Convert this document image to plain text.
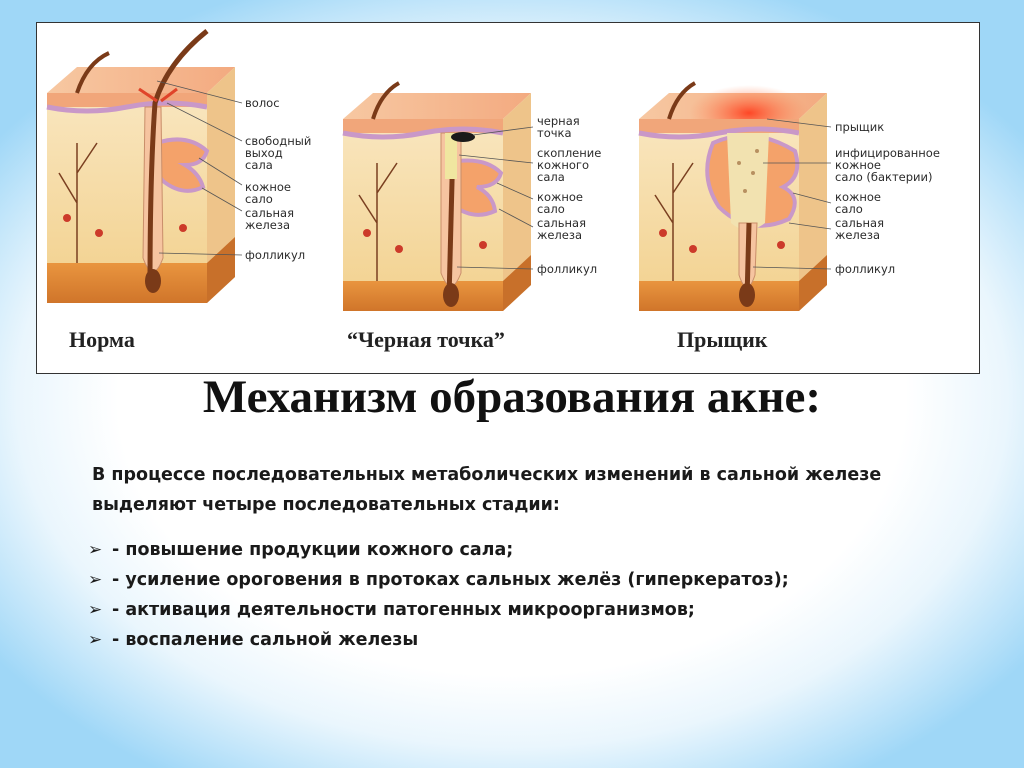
волос
свободный
выход
сала
кожное
сало
сальная
железа
фолликул
Норма
черная
точка
скопление
кожного
сала
кожное
сало
сальная
железа
фолликул
“Черная точка”
прыщик
инфицированное
кожное
сало (бактерии)
кожное
сало
сальная
железа
фолликул
Прыщик
Механизм образования акне:

В процессе последовательных метаболических изменений в сальной железе выделяют четыре последовательных стадии:

➢ - повышение продукции кожного сала;
➢ - усиление ороговения в протоках сальных желёз (гиперкератоз);
➢ - активация деятельности патогенных микроорганизмов;
➢ - воспаление сальной железы
